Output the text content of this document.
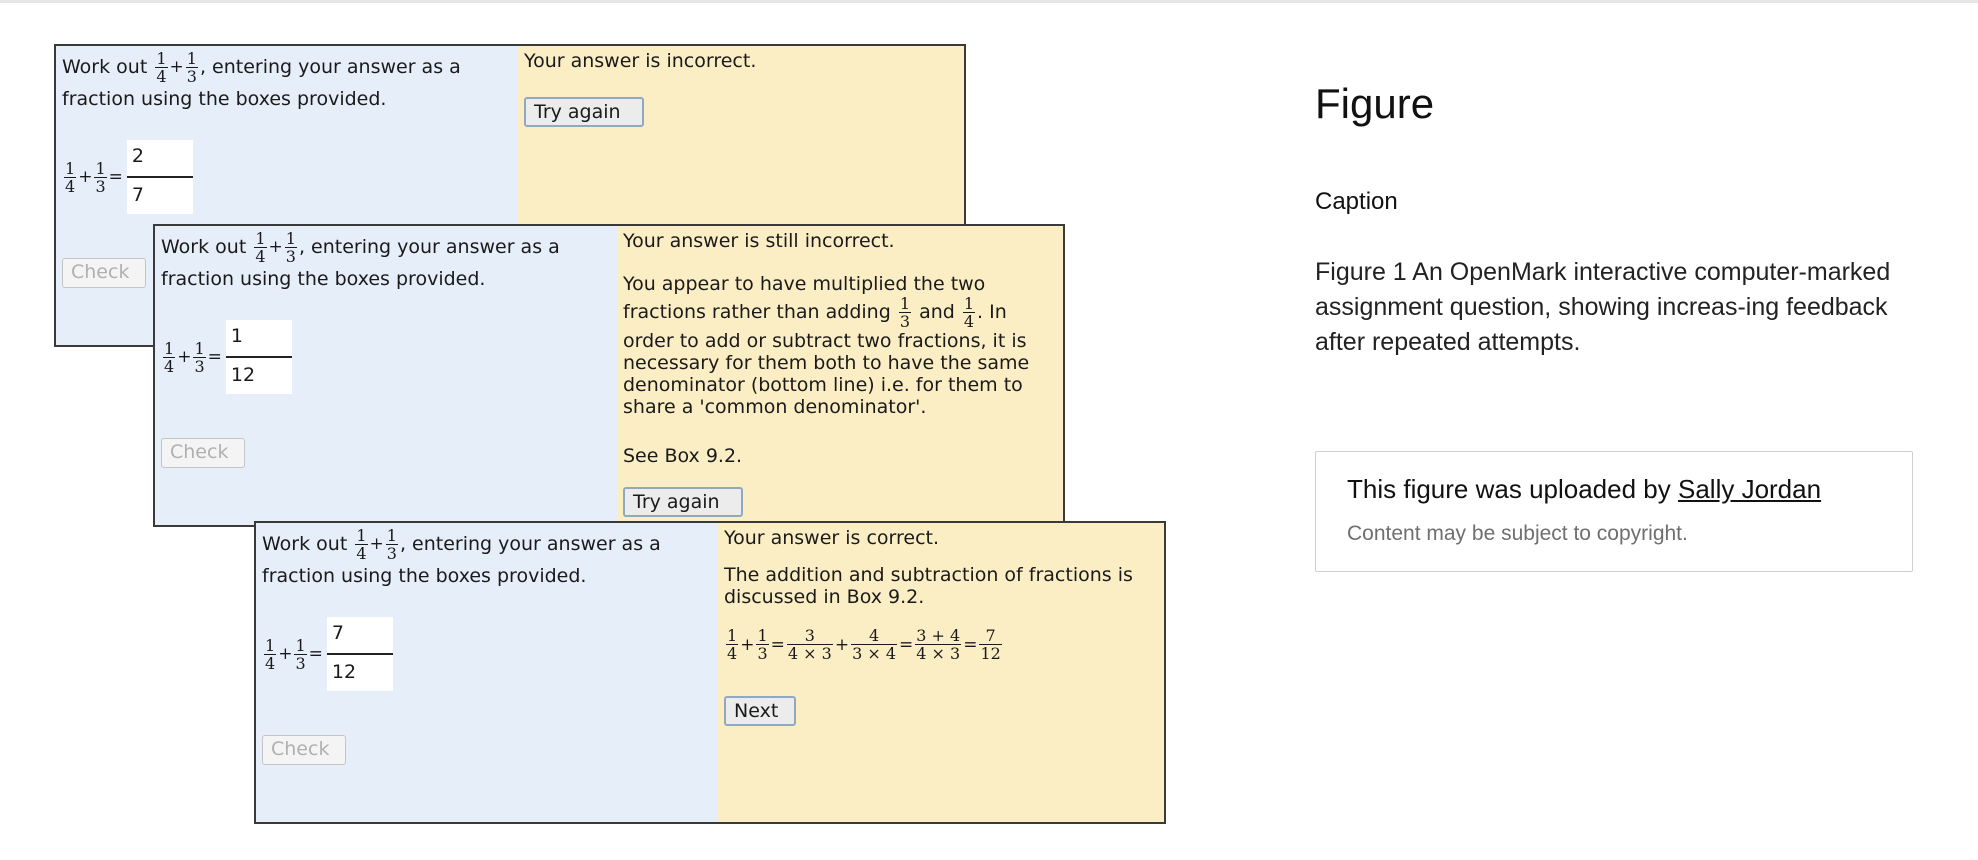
Work out $\frac{1}{4} + \frac{1}{3}$ , entering your answer as a fraction using the boxes provided.
$\frac{1}{4} + \frac{1}{3}$ =
2
7
Check
Your answer is incorrect.
Try again
Work out $\frac{1}{4} + \frac{1}{3}$ , entering your answer as a fraction using the boxes provided.
$\frac{1}{4} + \frac{1}{3}$ =
1
12
Check
Your answer is still incorrect.
You appear to have multiplied the two fractions rather than adding $\frac{1}{3}$ and $\frac{1}{4}$ . In order to add or subtract two fractions, it is necessary for them both to have the same denominator (bottom line) i.e. for them to share a 'common denominator'.
See Box 9.2.
Try again
Work out $\frac{1}{4} + \frac{1}{3}$ , entering your answer as a fraction using the boxes provided.
$\frac{1}{4} + \frac{1}{3}$ =
7
12
Check
Your answer is correct.
The addition and subtraction of fractions is discussed in Box 9.2.
$\frac{1}{4} + \frac{1}{3} = \frac{3}{4 \times 3} + \frac{4}{3 \times 4} = \frac{3 + 4}{4 \times 3} = \frac{7}{12}$
Next
Figure
Caption
Figure 1 An OpenMark interactive computer-marked assignment question, showing increas-ing feedback after repeated attempts.
This figure was uploaded by Sally Jordan
Content may be subject to copyright.
